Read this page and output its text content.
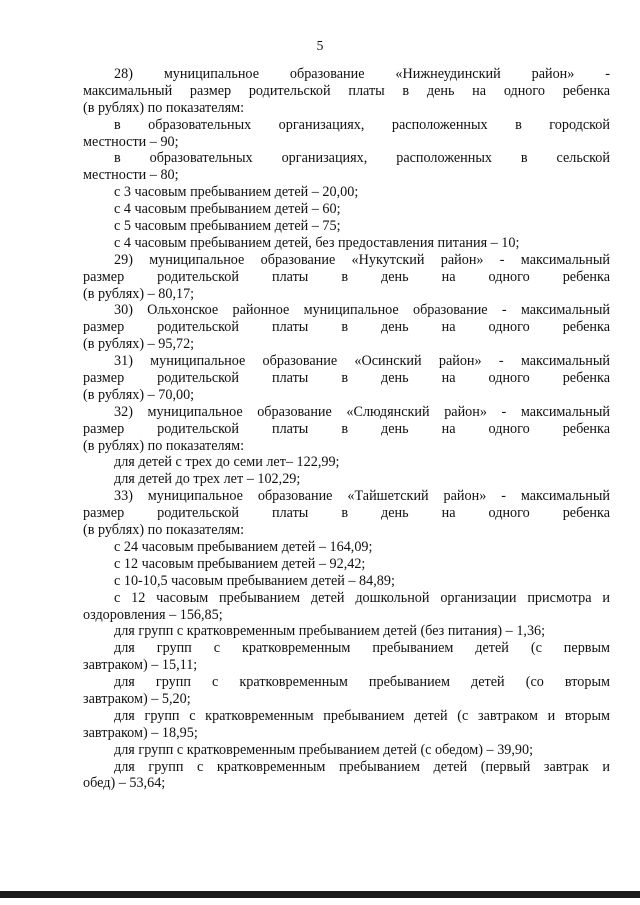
5
28) муниципальное образование «Нижнеудинский район» -
максимальный размер родительской платы в день на одного ребенка
(в рублях) по показателям:
в образовательных организациях, расположенных в городской
местности – 90;
в образовательных организациях, расположенных в сельской
местности – 80;
с 3 часовым пребыванием детей – 20,00;
с 4 часовым пребыванием детей – 60;
с 5 часовым пребыванием детей – 75;
с 4 часовым пребыванием детей, без предоставления питания – 10;
29) муниципальное образование «Нукутский район» - максимальный
размер родительской платы в день на одного ребенка
(в рублях) – 80,17;
30) Ольхонское районное муниципальное образование - максимальный
размер родительской платы в день на одного ребенка
(в рублях) – 95,72;
31) муниципальное образование «Осинский район» - максимальный
размер родительской платы в день на одного ребенка
(в рублях) – 70,00;
32) муниципальное образование «Слюдянский район» - максимальный
размер родительской платы в день на одного ребенка
(в рублях) по показателям:
для детей с трех до семи лет– 122,99;
для детей до трех лет – 102,29;
33) муниципальное образование «Тайшетский район» - максимальный
размер родительской платы в день на одного ребенка
(в рублях) по показателям:
с 24 часовым пребыванием детей – 164,09;
с 12 часовым пребыванием детей – 92,42;
с 10-10,5 часовым пребыванием детей – 84,89;
с 12 часовым пребыванием детей дошкольной организации присмотра и
оздоровления – 156,85;
для групп с кратковременным пребыванием детей (без питания) – 1,36;
для групп с кратковременным пребыванием детей (с первым
завтраком) – 15,11;
для групп с кратковременным пребыванием детей (со вторым
завтраком) – 5,20;
для групп с кратковременным пребыванием детей (с завтраком и вторым
завтраком) – 18,95;
для групп с кратковременным пребыванием детей (с обедом) – 39,90;
для групп с кратковременным пребыванием детей (первый завтрак и
обед) – 53,64;
